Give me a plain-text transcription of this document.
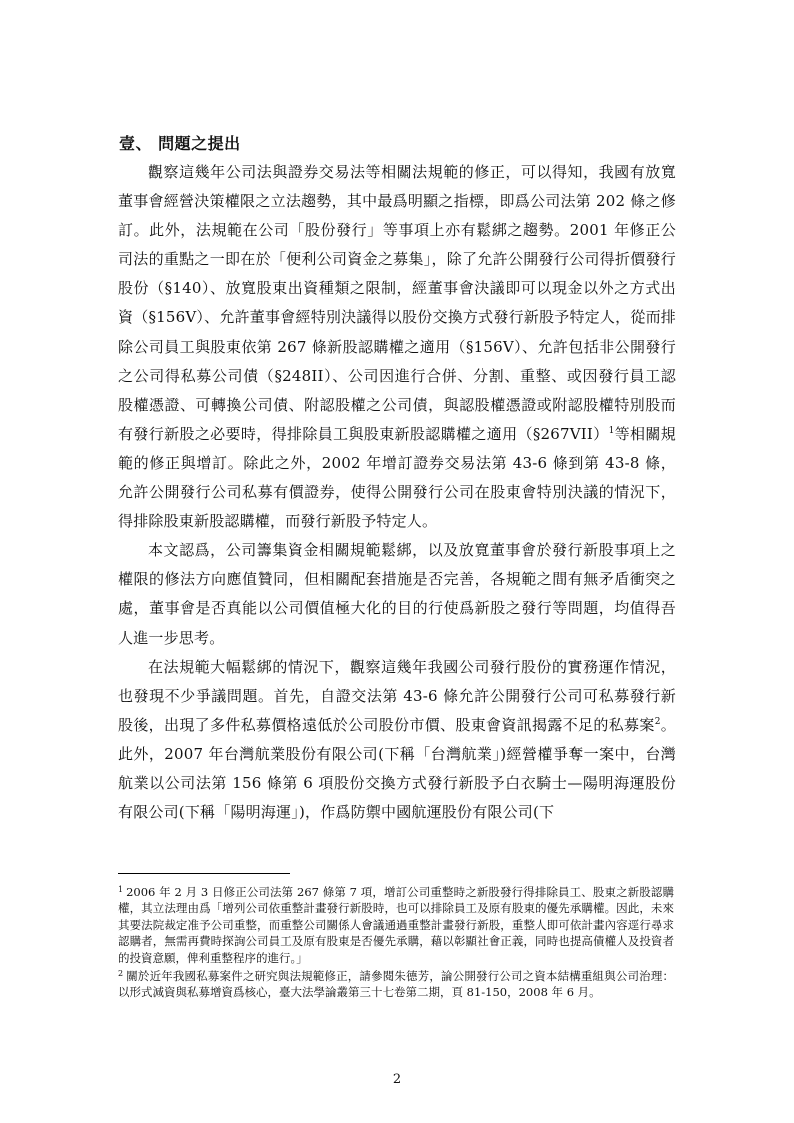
壹、 問題之提出

觀察這幾年公司法與證券交易法等相關法規範的修正，可以得知，我國有放寬董事會經營決策權限之立法趨勢，其中最爲明顯之指標，即爲公司法第 202 條之修訂。此外，法規範在公司「股份發行」等事項上亦有鬆綁之趨勢。2001 年修正公司法的重點之一即在於「便利公司資金之募集」，除了允許公開發行公司得折價發行股份（§140）、放寬股東出資種類之限制，經董事會決議即可以現金以外之方式出資（§156V）、允許董事會經特別決議得以股份交換方式發行新股予特定人，從而排除公司員工與股東依第 267 條新股認購權之適用（§156V）、允許包括非公開發行之公司得私募公司債（§248II）、公司因進行合併、分割、重整、或因發行員工認股權憑證、可轉換公司債、附認股權之公司債，與認股權憑證或附認股權特別股而有發行新股之必要時，得排除員工與股東新股認購權之適用（§267VII）$^1$等相關規範的修正與增訂。除此之外，2002 年增訂證券交易法第 43-6 條到第 43-8 條，允許公開發行公司私募有價證券，使得公開發行公司在股東會特別決議的情況下，得排除股東新股認購權，而發行新股予特定人。

本文認爲，公司籌集資金相關規範鬆綁，以及放寬董事會於發行新股事項上之權限的修法方向應值贊同，但相關配套措施是否完善，各規範之間有無矛盾衝突之處，董事會是否真能以公司價值極大化的目的行使爲新股之發行等問題，均值得吾人進一步思考。

在法規範大幅鬆綁的情況下，觀察這幾年我國公司發行股份的實務運作情況，也發現不少爭議問題。首先，自證交法第 43-6 條允許公開發行公司可私募發行新股後，出現了多件私募價格遠低於公司股份市價、股東會資訊揭露不足的私募案$^2$。此外，2007 年台灣航業股份有限公司(下稱「台灣航業」)經營權爭奪一案中，台灣航業以公司法第 156 條第 6 項股份交換方式發行新股予白衣騎士—陽明海運股份有限公司(下稱「陽明海運」)，作爲防禦中國航運股份有限公司(下

$^1$ 2006 年 2 月 3 日修正公司法第 267 條第 7 項，增訂公司重整時之新股發行得排除員工、股東之新股認購權，其立法理由爲「增列公司依重整計畫發行新股時，也可以排除員工及原有股東的優先承購權。因此，未來其要法院裁定准予公司重整，而重整公司關係人會議通過重整計畫發行新股，重整人即可依計畫內容逕行尋求認購者，無需再費時探詢公司員工及原有股東是否優先承購，藉以彰顯社會正義，同時也提高債權人及投資者的投資意願，俾利重整程序的進行。」

$^2$ 關於近年我國私募案件之研究與法規範修正，請參閱朱德芳，論公開發行公司之資本結構重組與公司治理：以形式減資與私募增資爲核心，臺大法學論叢第三十七卷第二期，頁 81-150，2008 年 6 月。

2
